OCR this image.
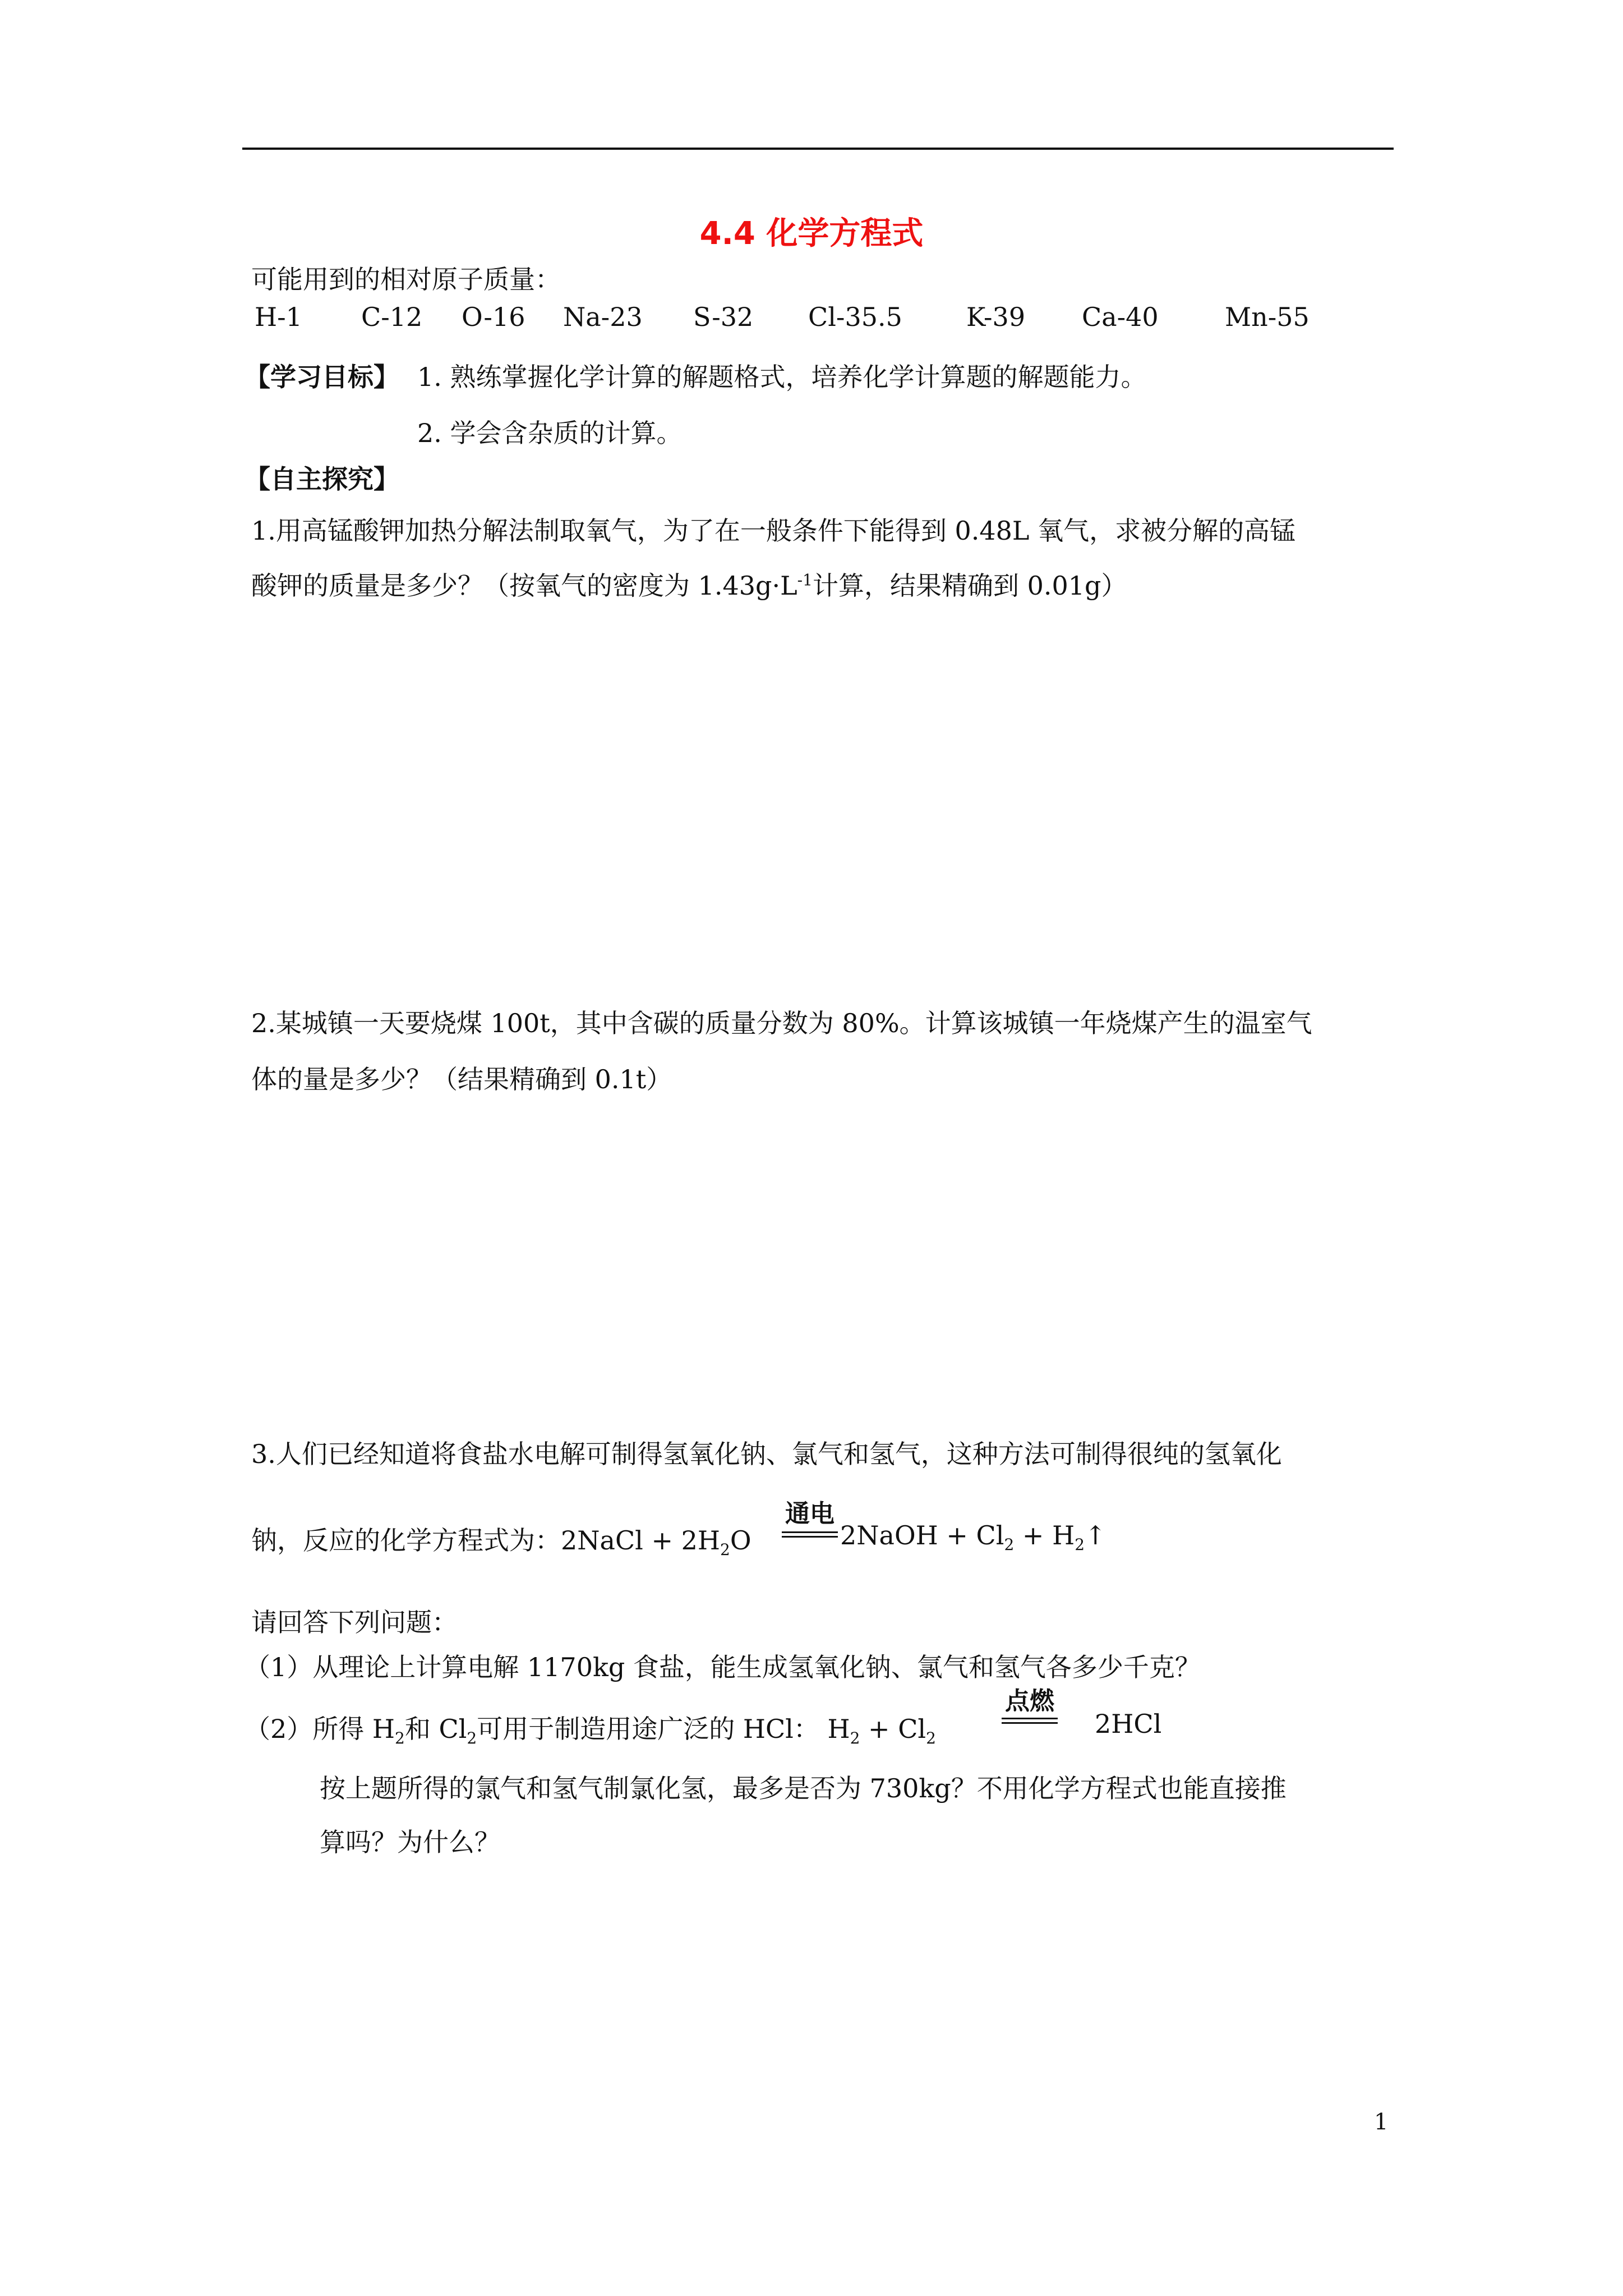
4.4 化学方程式
可能用到的相对原子质量：
H-1 C-12 O-16 Na-23 S-32 Cl-35.5 K-39 Ca-40	Mn-55
【学习目标】 1. 熟练掌握化学计算的解题格式，培养化学计算题的解题能力。
2. 学会含杂质的计算。
【自主探究】
1.用高锰酸钾加热分解法制取氧气，为了在一般条件下能得到 0.48L 氧气，求被分解的高锰
酸钾的质量是多少？（按氧气的密度为 $1.43g\cdot L^{-1}$计算，结果精确到 0.01g）
2.某城镇一天要烧煤 100t，其中含碳的质量分数为 80%。计算该城镇一年烧煤产生的温室气
体的量是多少？（结果精确到 0.1t）
3.人们已经知道将食盐水电解可制得氢氧化钠、氯气和氢气，这种方法可制得很纯的氢氧化
钠，反应的化学方程式为：2NaCl + $2H_2O$
通电
2NaOH + $Cl_2$ + $H_2↑$
请回答下列问题：
（1）从理论上计算电解 1170kg 食盐，能生成氢氧化钠、氯气和氢气各多少千克？
（2）所得 $H_2$和 $Cl_2$可用于制造用途广泛的 HCl： $H_2 + Cl_2$
点燃
2HCl
按上题所得的氯气和氢气制氯化氢，最多是否为 730kg？不用化学方程式也能直接推
算吗？为什么？
1
